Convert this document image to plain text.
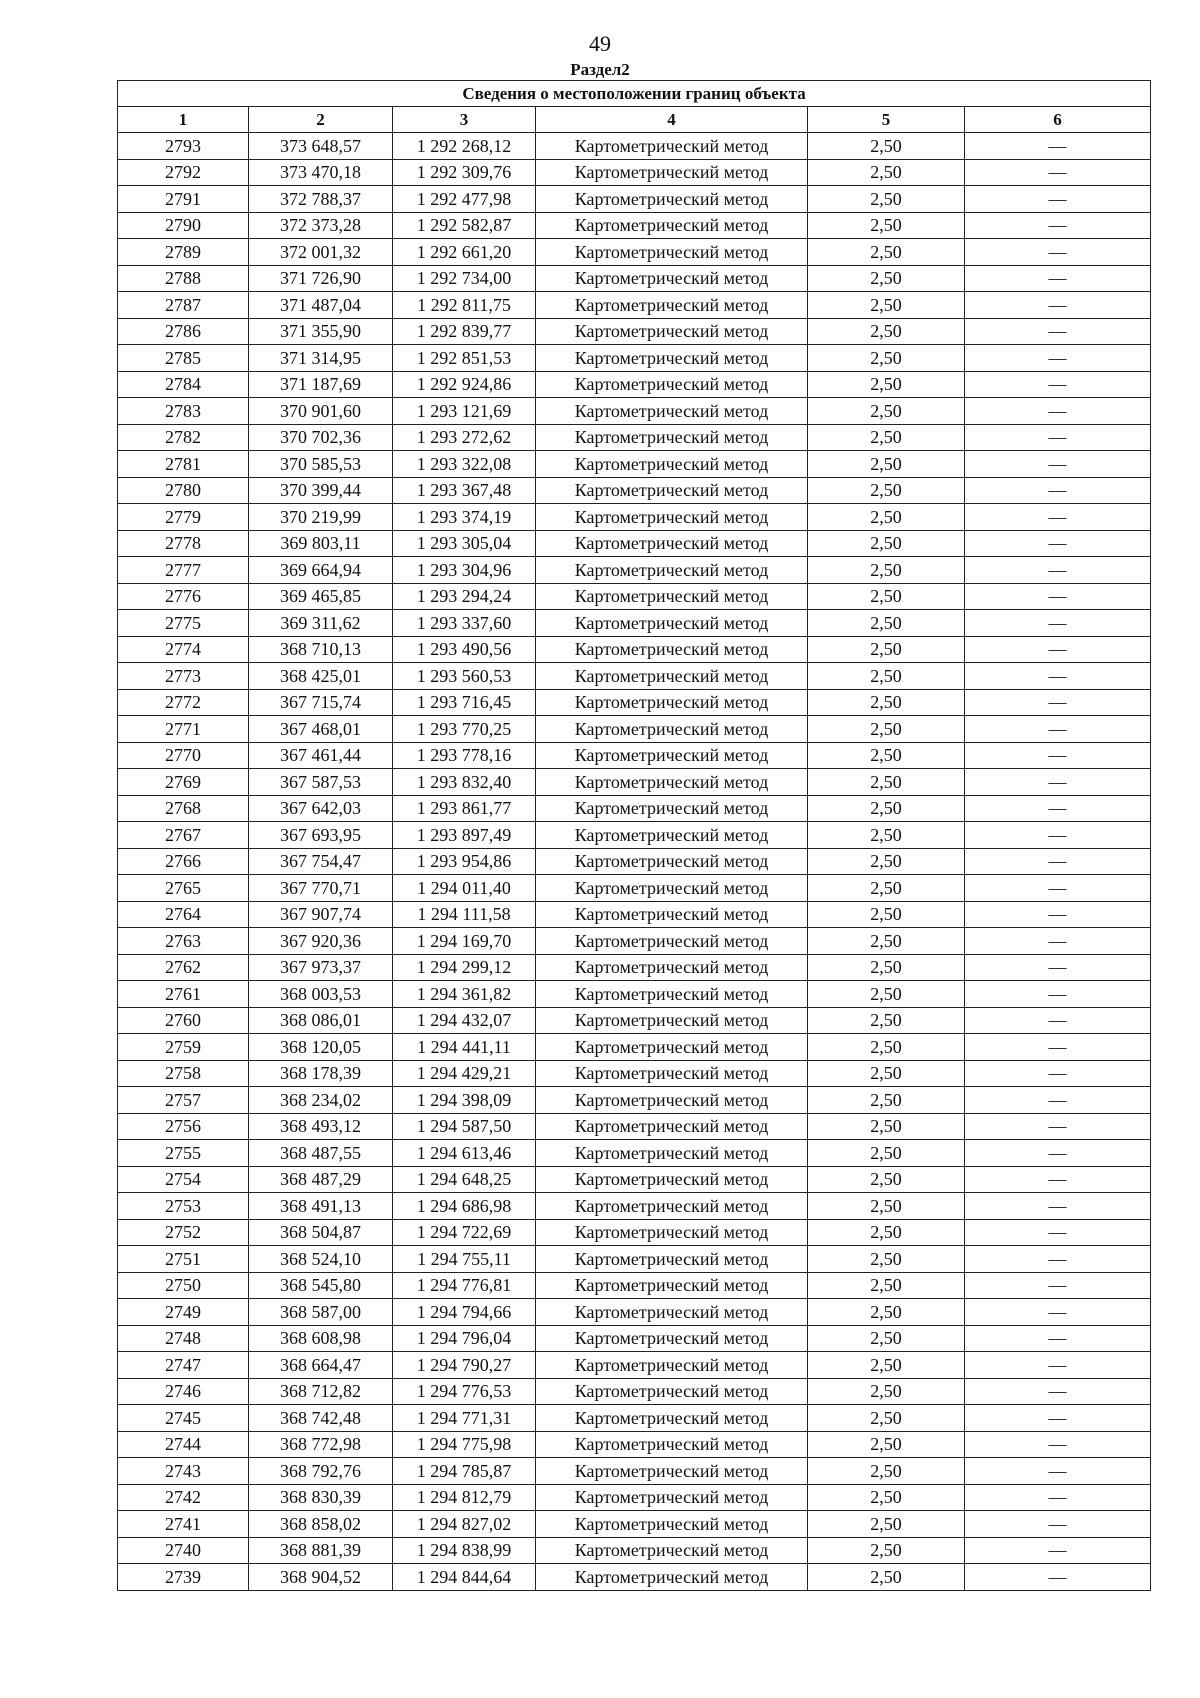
49
Раздел2
Сведения о местоположении границ объекта					
1	2	3	4	5	6
2793	373 648,57	1 292 268,12	Картометрический метод	2,50	—
2792	373 470,18	1 292 309,76	Картометрический метод	2,50	—
2791	372 788,37	1 292 477,98	Картометрический метод	2,50	—
2790	372 373,28	1 292 582,87	Картометрический метод	2,50	—
2789	372 001,32	1 292 661,20	Картометрический метод	2,50	—
2788	371 726,90	1 292 734,00	Картометрический метод	2,50	—
2787	371 487,04	1 292 811,75	Картометрический метод	2,50	—
2786	371 355,90	1 292 839,77	Картометрический метод	2,50	—
2785	371 314,95	1 292 851,53	Картометрический метод	2,50	—
2784	371 187,69	1 292 924,86	Картометрический метод	2,50	—
2783	370 901,60	1 293 121,69	Картометрический метод	2,50	—
2782	370 702,36	1 293 272,62	Картометрический метод	2,50	—
2781	370 585,53	1 293 322,08	Картометрический метод	2,50	—
2780	370 399,44	1 293 367,48	Картометрический метод	2,50	—
2779	370 219,99	1 293 374,19	Картометрический метод	2,50	—
2778	369 803,11	1 293 305,04	Картометрический метод	2,50	—
2777	369 664,94	1 293 304,96	Картометрический метод	2,50	—
2776	369 465,85	1 293 294,24	Картометрический метод	2,50	—
2775	369 311,62	1 293 337,60	Картометрический метод	2,50	—
2774	368 710,13	1 293 490,56	Картометрический метод	2,50	—
2773	368 425,01	1 293 560,53	Картометрический метод	2,50	—
2772	367 715,74	1 293 716,45	Картометрический метод	2,50	—
2771	367 468,01	1 293 770,25	Картометрический метод	2,50	—
2770	367 461,44	1 293 778,16	Картометрический метод	2,50	—
2769	367 587,53	1 293 832,40	Картометрический метод	2,50	—
2768	367 642,03	1 293 861,77	Картометрический метод	2,50	—
2767	367 693,95	1 293 897,49	Картометрический метод	2,50	—
2766	367 754,47	1 293 954,86	Картометрический метод	2,50	—
2765	367 770,71	1 294 011,40	Картометрический метод	2,50	—
2764	367 907,74	1 294 111,58	Картометрический метод	2,50	—
2763	367 920,36	1 294 169,70	Картометрический метод	2,50	—
2762	367 973,37	1 294 299,12	Картометрический метод	2,50	—
2761	368 003,53	1 294 361,82	Картометрический метод	2,50	—
2760	368 086,01	1 294 432,07	Картометрический метод	2,50	—
2759	368 120,05	1 294 441,11	Картометрический метод	2,50	—
2758	368 178,39	1 294 429,21	Картометрический метод	2,50	—
2757	368 234,02	1 294 398,09	Картометрический метод	2,50	—
2756	368 493,12	1 294 587,50	Картометрический метод	2,50	—
2755	368 487,55	1 294 613,46	Картометрический метод	2,50	—
2754	368 487,29	1 294 648,25	Картометрический метод	2,50	—
2753	368 491,13	1 294 686,98	Картометрический метод	2,50	—
2752	368 504,87	1 294 722,69	Картометрический метод	2,50	—
2751	368 524,10	1 294 755,11	Картометрический метод	2,50	—
2750	368 545,80	1 294 776,81	Картометрический метод	2,50	—
2749	368 587,00	1 294 794,66	Картометрический метод	2,50	—
2748	368 608,98	1 294 796,04	Картометрический метод	2,50	—
2747	368 664,47	1 294 790,27	Картометрический метод	2,50	—
2746	368 712,82	1 294 776,53	Картометрический метод	2,50	—
2745	368 742,48	1 294 771,31	Картометрический метод	2,50	—
2744	368 772,98	1 294 775,98	Картометрический метод	2,50	—
2743	368 792,76	1 294 785,87	Картометрический метод	2,50	—
2742	368 830,39	1 294 812,79	Картометрический метод	2,50	—
2741	368 858,02	1 294 827,02	Картометрический метод	2,50	—
2740	368 881,39	1 294 838,99	Картометрический метод	2,50	—
2739	368 904,52	1 294 844,64	Картометрический метод	2,50	—
